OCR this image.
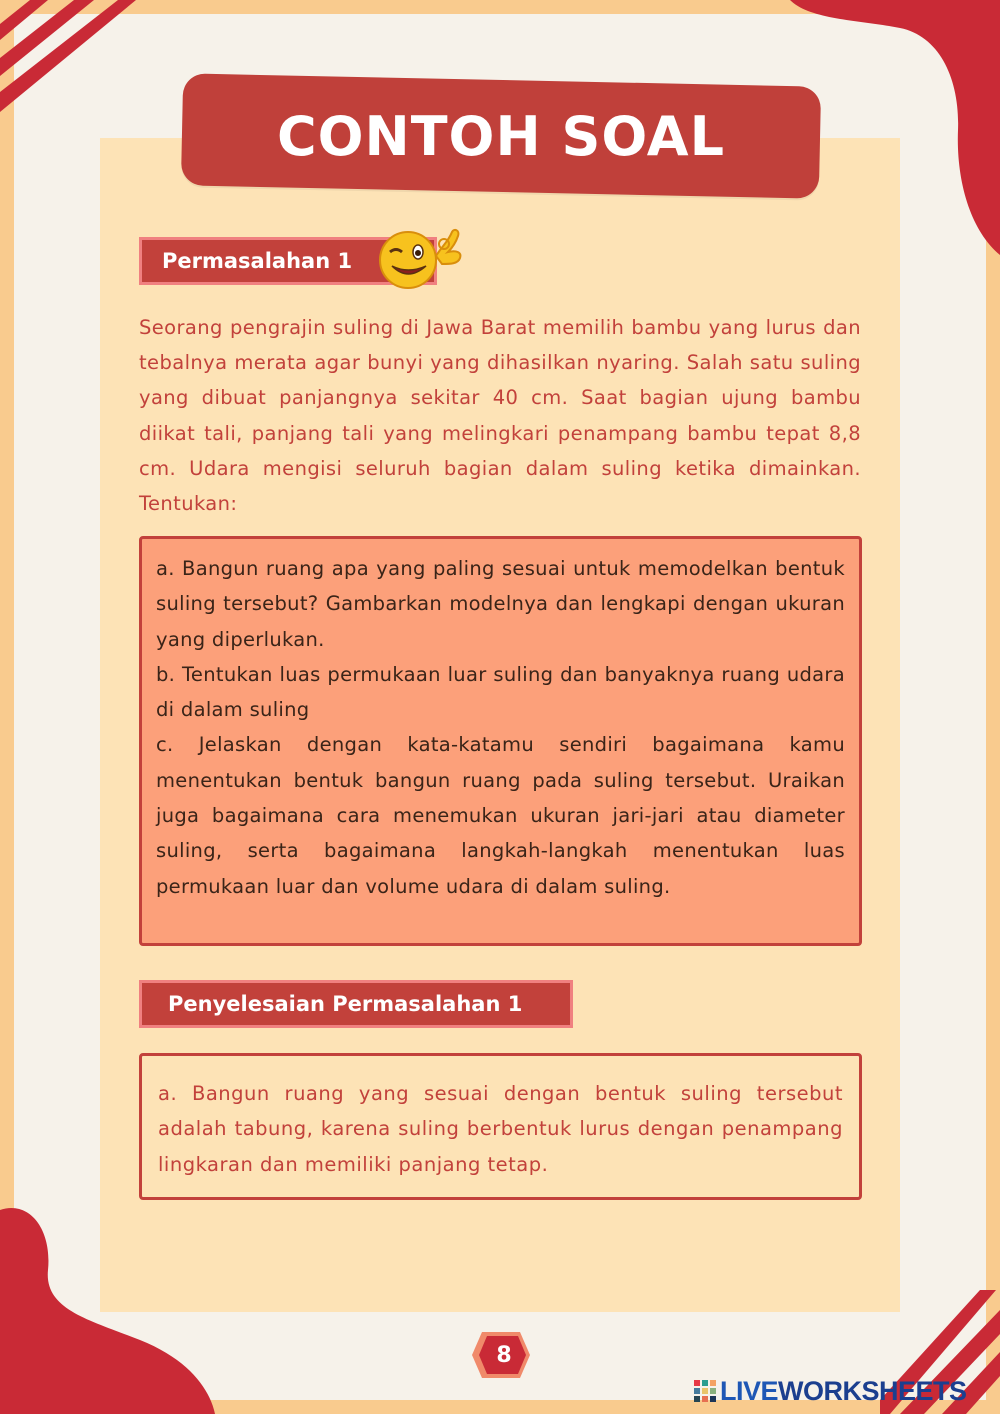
CONTOH SOAL
Permasalahan 1
Seorang pengrajin suling di Jawa Barat memilih bambu yang lurus dan tebalnya merata agar bunyi yang dihasilkan nyaring. Salah satu suling yang dibuat panjangnya sekitar 40 cm. Saat bagian ujung bambu diikat tali, panjang tali yang melingkari penampang bambu tepat 8,8 cm. Udara mengisi seluruh bagian dalam suling ketika dimainkan. Tentukan:

a. Bangun ruang apa yang paling sesuai untuk memodelkan bentuk suling tersebut? Gambarkan modelnya dan lengkapi dengan ukuran yang diperlukan.

b. Tentukan luas permukaan luar suling dan banyaknya ruang udara di dalam suling

c. Jelaskan dengan kata-katamu sendiri bagaimana kamu menentukan bentuk bangun ruang pada suling tersebut. Uraikan juga bagaimana cara menemukan ukuran jari-jari atau diameter suling, serta bagaimana langkah-langkah menentukan luas permukaan luar dan volume udara di dalam suling.

Penyelesaian Permasalahan 1
a. Bangun ruang yang sesuai dengan bentuk suling tersebut adalah tabung, karena suling berbentuk lurus dengan penampang lingkaran dan memiliki panjang tetap.
8
LIVEWORKSHEETS
